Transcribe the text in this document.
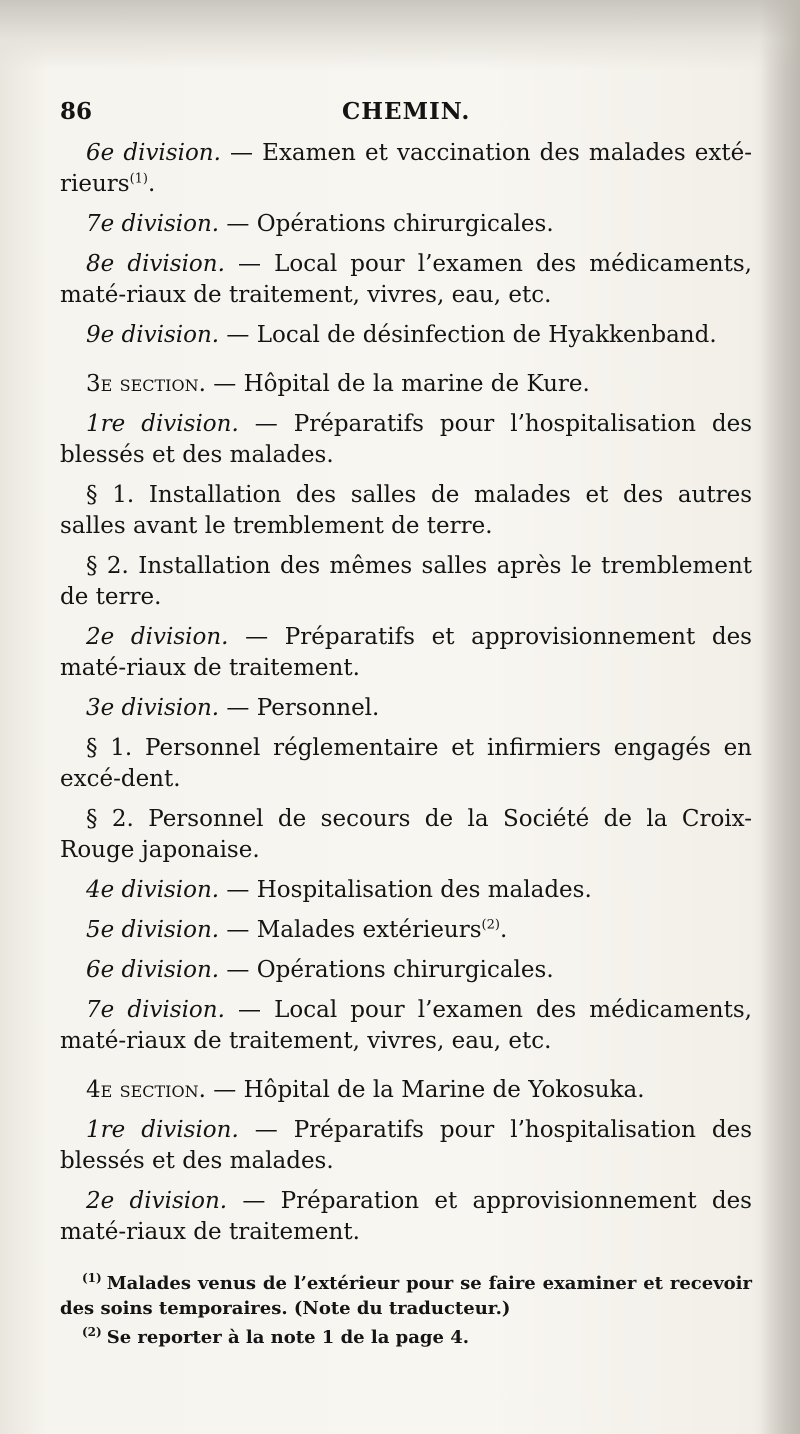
86	CHEMIN.

6e division. — Examen et vaccination des malades exté-rieurs$^{(1)}$.

7e division. — Opérations chirurgicales.

8e division. — Local pour l’examen des médicaments, maté-riaux de traitement, vivres, eau, etc.

9e division. — Local de désinfection de Hyakkenband.

3e section. — Hôpital de la marine de Kure.

1re division. — Préparatifs pour l’hospitalisation des blessés et des malades.

§ 1. Installation des salles de malades et des autres salles avant le tremblement de terre.

§ 2. Installation des mêmes salles après le tremblement de terre.

2e division. — Préparatifs et approvisionnement des maté-riaux de traitement.

3e division. — Personnel.

§ 1. Personnel réglementaire et infirmiers engagés en excé-dent.

§ 2. Personnel de secours de la Société de la Croix-Rouge japonaise.

4e division. — Hospitalisation des malades.

5e division. — Malades extérieurs$^{(2)}$.

6e division. — Opérations chirurgicales.

7e division. — Local pour l’examen des médicaments, maté-riaux de traitement, vivres, eau, etc.

4e section. — Hôpital de la Marine de Yokosuka.

1re division. — Préparatifs pour l’hospitalisation des blessés et des malades.

2e division. — Préparation et approvisionnement des maté-riaux de traitement.

$^{(1)}$ Malades venus de l’extérieur pour se faire examiner et recevoir des soins temporaires. (Note du traducteur.)

$^{(2)}$ Se reporter à la note 1 de la page 4.
